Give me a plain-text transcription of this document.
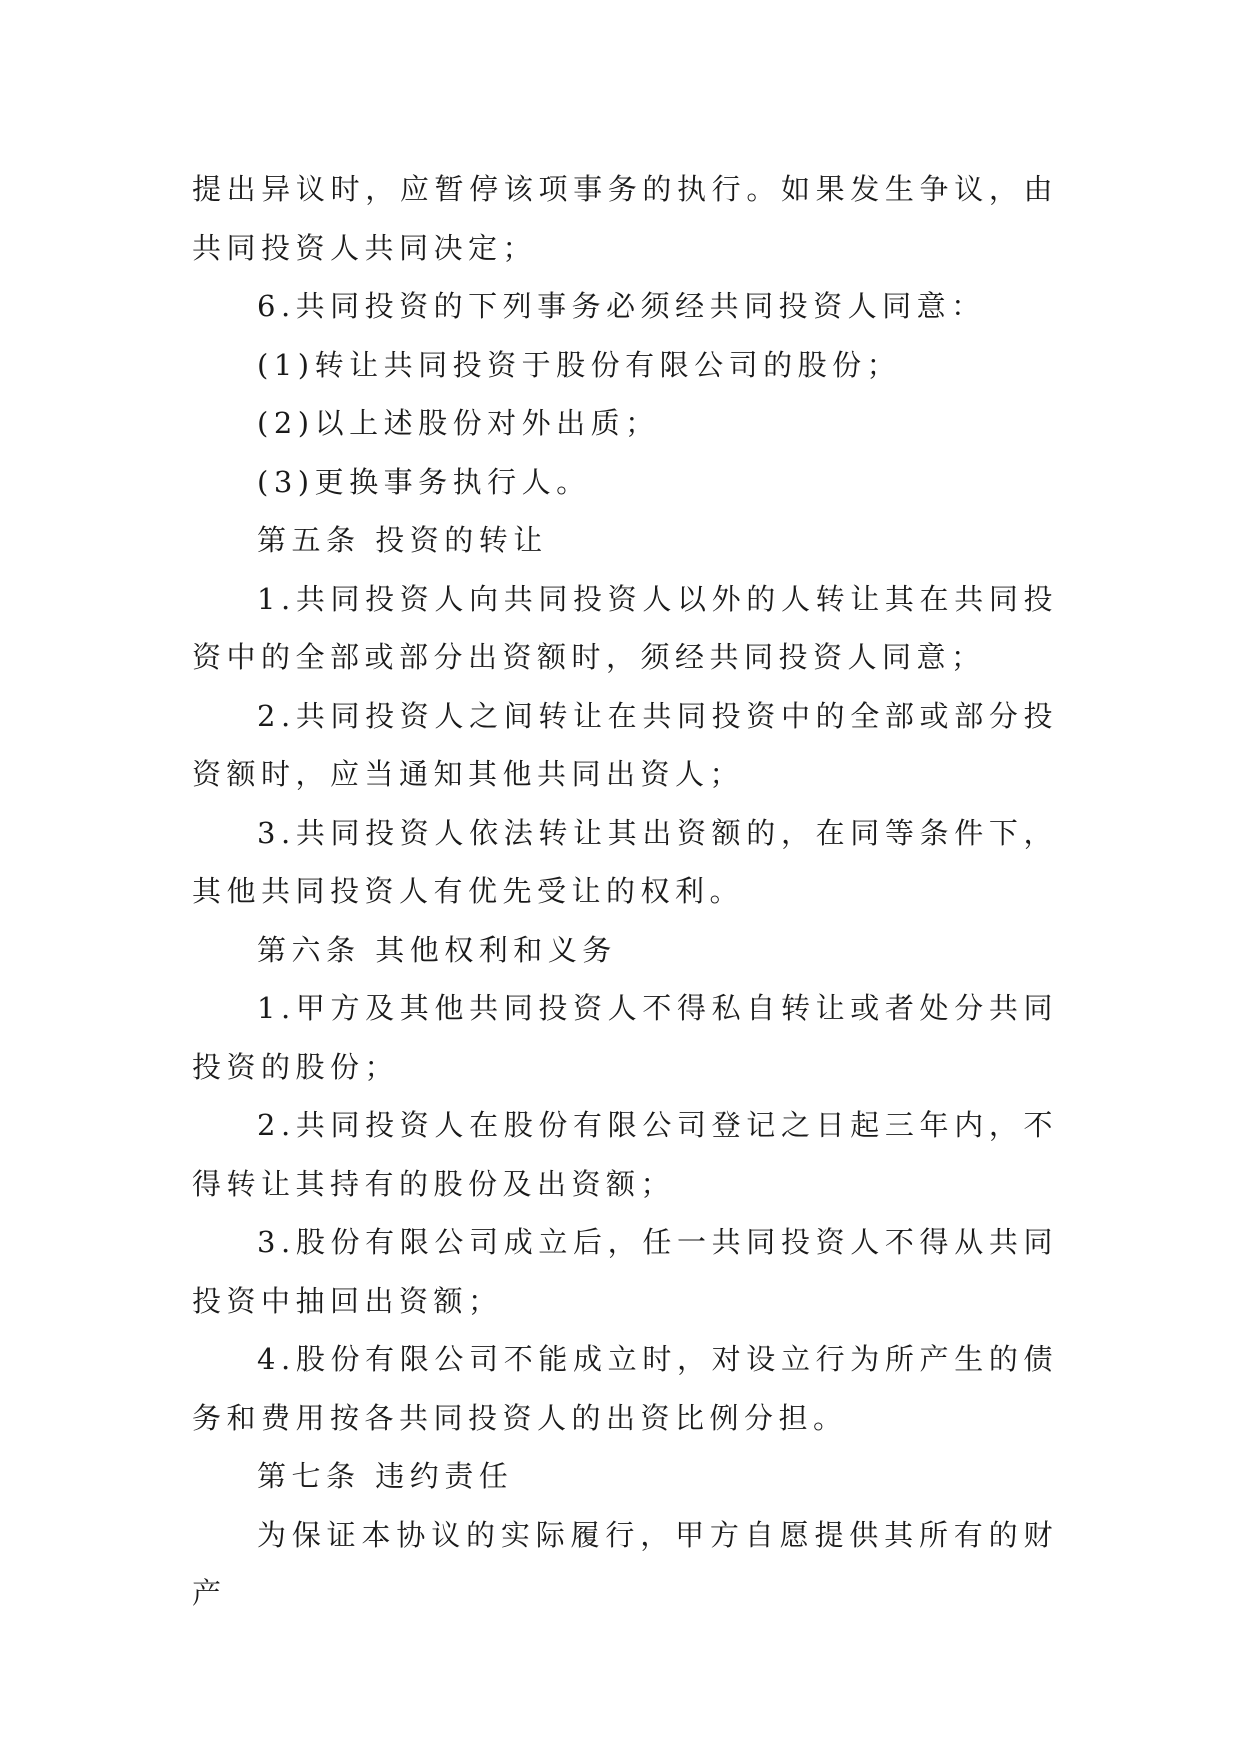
提出异议时，应暂停该项事务的执行。如果发生争议，由共同投资人共同决定；

6.共同投资的下列事务必须经共同投资人同意：

(1)转让共同投资于股份有限公司的股份；

(2)以上述股份对外出质；

(3)更换事务执行人。

第五条 投资的转让

1.共同投资人向共同投资人以外的人转让其在共同投资中的全部或部分出资额时，须经共同投资人同意；

2.共同投资人之间转让在共同投资中的全部或部分投资额时，应当通知其他共同出资人；

3.共同投资人依法转让其出资额的，在同等条件下，其他共同投资人有优先受让的权利。

第六条 其他权利和义务

1.甲方及其他共同投资人不得私自转让或者处分共同投资的股份；

2.共同投资人在股份有限公司登记之日起三年内，不得转让其持有的股份及出资额；

3.股份有限公司成立后，任一共同投资人不得从共同投资中抽回出资额；

4.股份有限公司不能成立时，对设立行为所产生的债务和费用按各共同投资人的出资比例分担。

第七条 违约责任

为保证本协议的实际履行，甲方自愿提供其所有的财产
